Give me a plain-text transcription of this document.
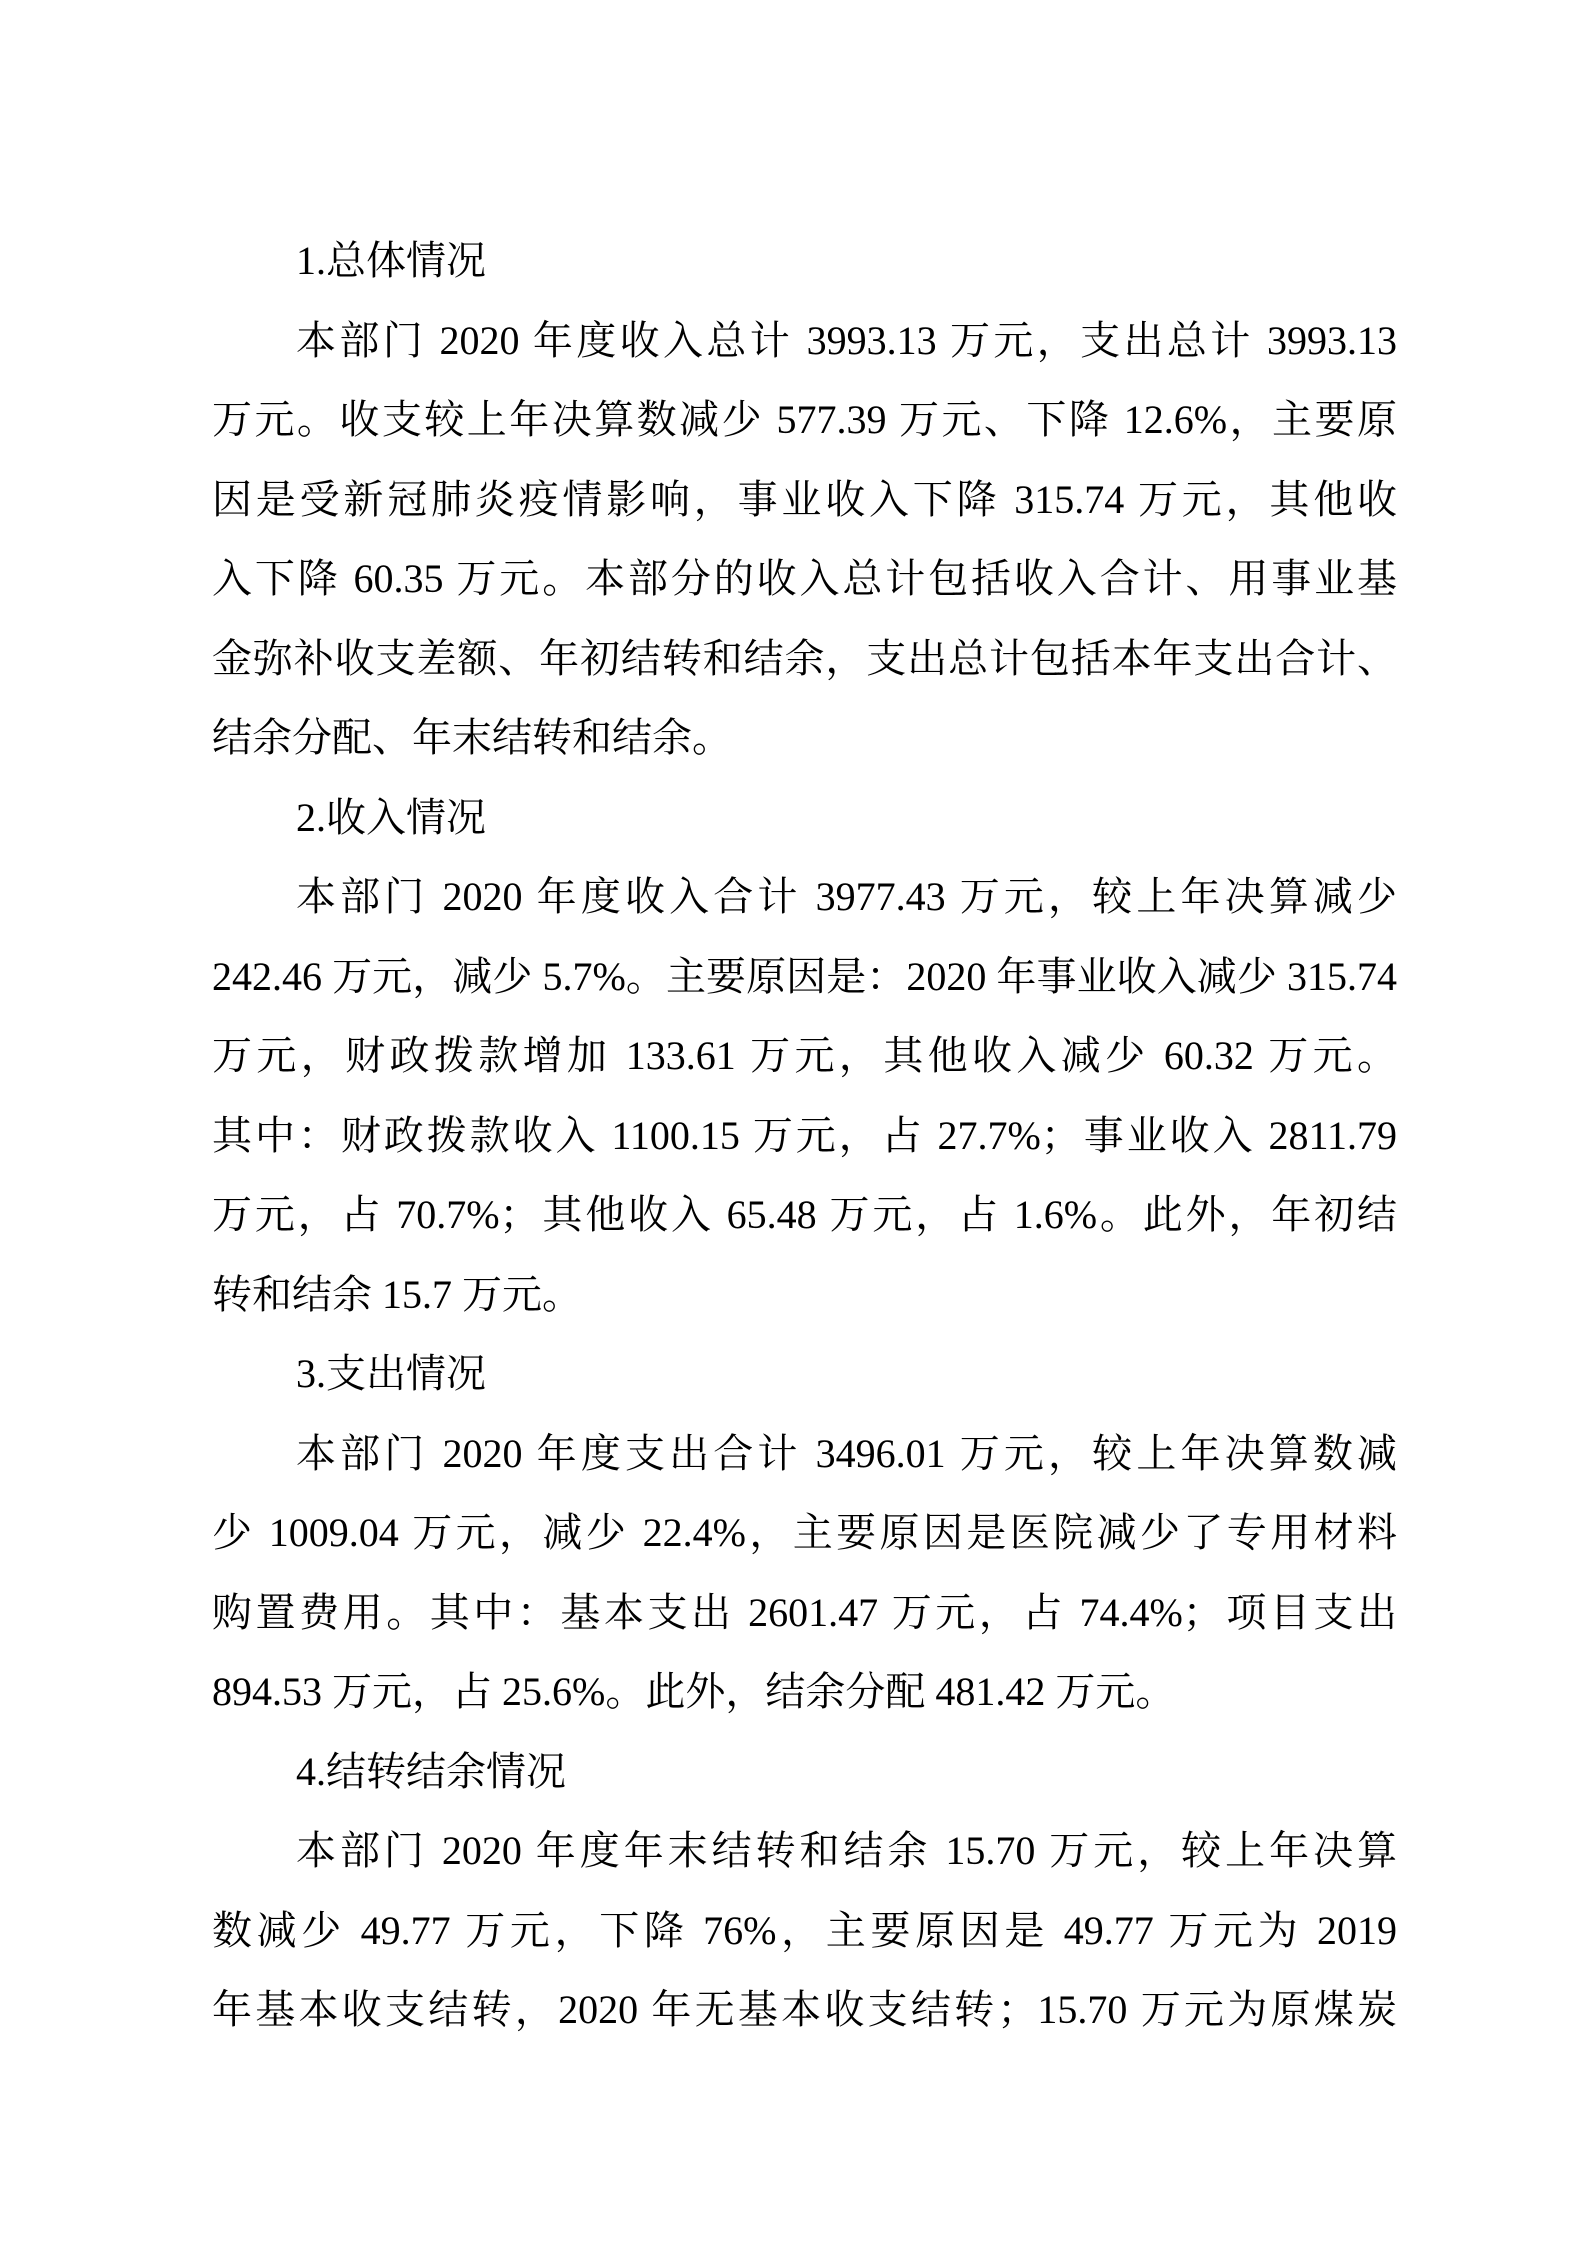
1.总体情况
本部门 2020 年度收入总计 3993.13 万元，支出总计 3993.13
万元。收支较上年决算数减少 577.39 万元、下降 12.6%，主要原
因是受新冠肺炎疫情影响，事业收入下降 315.74 万元，其他收
入下降 60.35 万元。本部分的收入总计包括收入合计、用事业基
金弥补收支差额、年初结转和结余，支出总计包括本年支出合计、
结余分配、年末结转和结余。
2.收入情况
本部门 2020 年度收入合计 3977.43 万元，较上年决算减少
242.46 万元，减少 5.7%。主要原因是：2020 年事业收入减少 315.74
万元，财政拨款增加 133.61 万元，其他收入减少 60.32 万元。
其中：财政拨款收入 1100.15 万元，占 27.7%；事业收入 2811.79
万元，占 70.7%；其他收入 65.48 万元，占 1.6%。此外，年初结
转和结余 15.7 万元。
3.支出情况
本部门 2020 年度支出合计 3496.01 万元，较上年决算数减
少 1009.04 万元，减少 22.4%，主要原因是医院减少了专用材料
购置费用。其中：基本支出 2601.47 万元，占 74.4%；项目支出
894.53 万元，占 25.6%。此外，结余分配 481.42 万元。
4.结转结余情况
本部门 2020 年度年末结转和结余 15.70 万元，较上年决算
数减少 49.77 万元，下降 76%，主要原因是 49.77 万元为 2019
年基本收支结转，2020 年无基本收支结转；15.70 万元为原煤炭
